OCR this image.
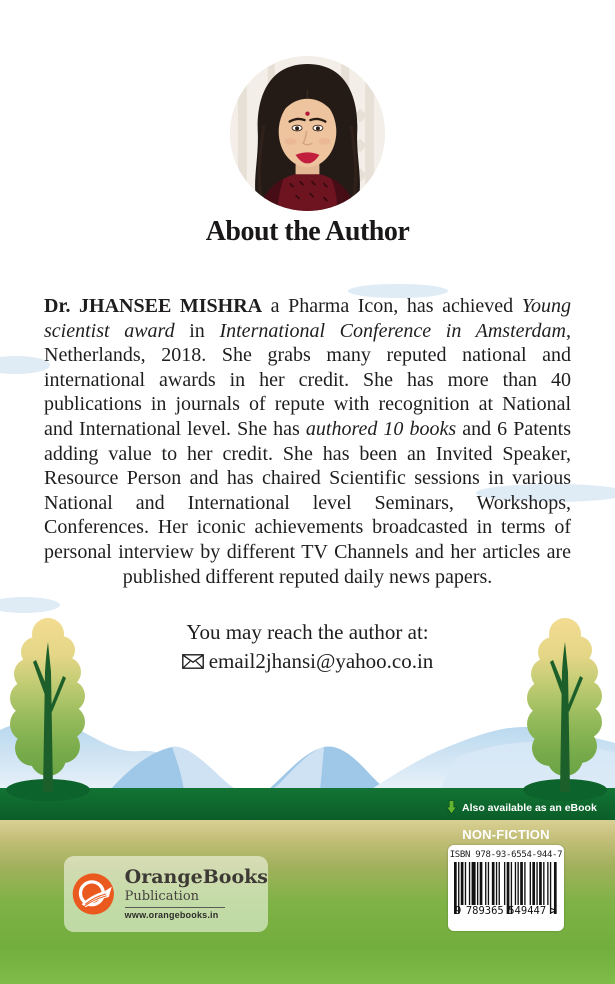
About the Author

Dr. JHANSEE MISHRA a Pharma Icon, has achieved Young scientist award in International Conference in Amsterdam, Netherlands, 2018. She grabs many reputed national and international awards in her credit. She has more than 40 publications in journals of repute with recognition at National and International level. She has authored 10 books and 6 Patents adding value to her credit. She has been an Invited Speaker, Resource Person and has chaired Scientific sessions in various National and International level Seminars, Workshops, Conferences. Her iconic achievements broadcasted in terms of personal interview by different TV Channels and her articles are published different reputed daily news papers.

You may reach the author at:
email2jhansi@yahoo.co.in
Also available as an eBook
NON-FICTION
ISBN 978-93-6554-944-7
9 789365 549447 >
OrangeBooks
Publication
www.orangebooks.in
